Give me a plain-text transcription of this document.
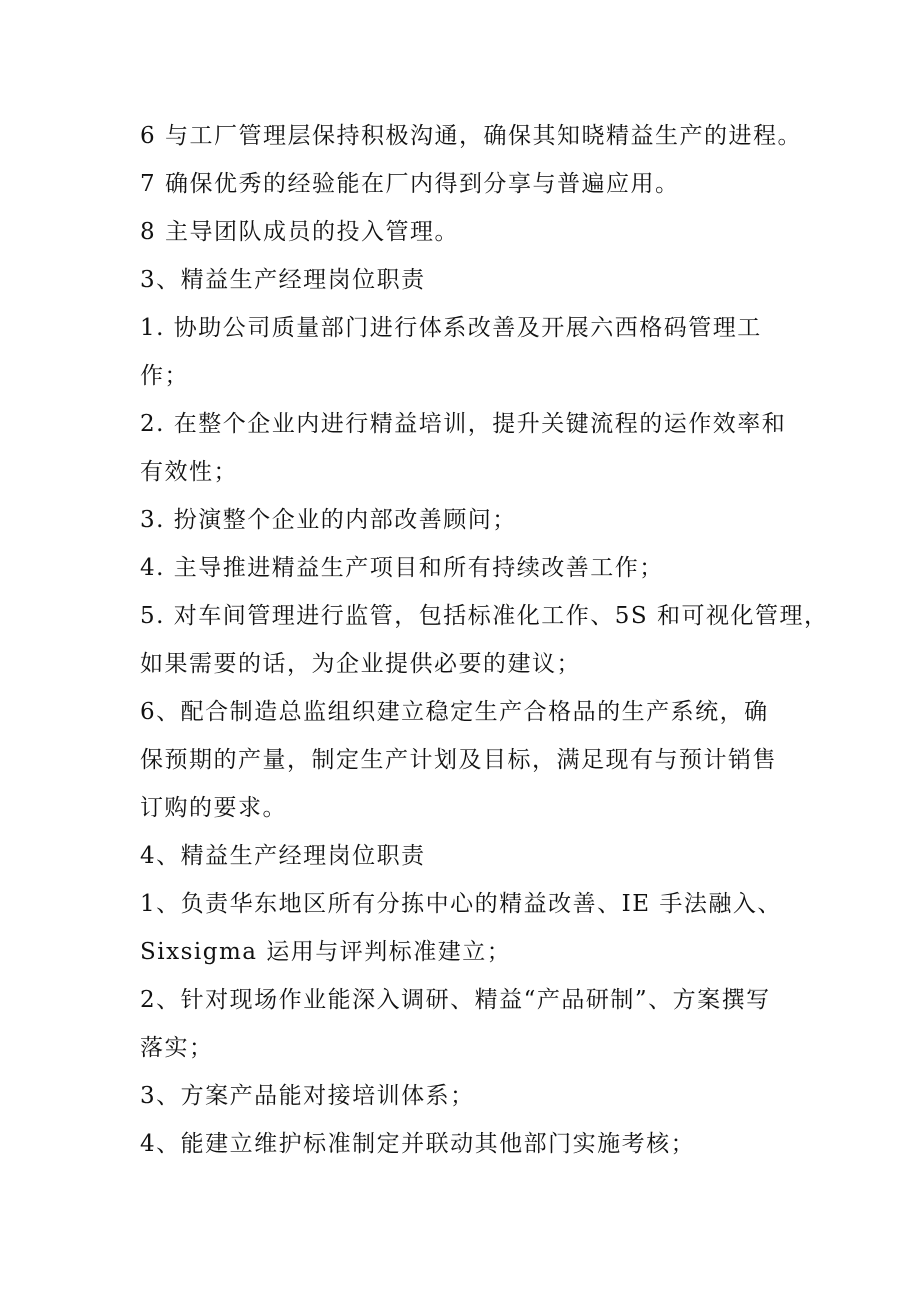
6 与工厂管理层保持积极沟通，确保其知晓精益生产的进程。
7 确保优秀的经验能在厂内得到分享与普遍应用。
8 主导团队成员的投入管理。
3、精益生产经理岗位职责
1. 协助公司质量部门进行体系改善及开展六西格码管理工
作；
2. 在整个企业内进行精益培训，提升关键流程的运作效率和
有效性；
3. 扮演整个企业的内部改善顾问；
4. 主导推进精益生产项目和所有持续改善工作；
5. 对车间管理进行监管，包括标准化工作、5S 和可视化管理，
如果需要的话，为企业提供必要的建议；
6、配合制造总监组织建立稳定生产合格品的生产系统，确
保预期的产量，制定生产计划及目标，满足现有与预计销售
订购的要求。
4、精益生产经理岗位职责
1、负责华东地区所有分拣中心的精益改善、IE 手法融入、
Sixsigma 运用与评判标准建立；
2、针对现场作业能深入调研、精益“产品研制”、方案撰写
落实；
3、方案产品能对接培训体系；
4、能建立维护标准制定并联动其他部门实施考核；
